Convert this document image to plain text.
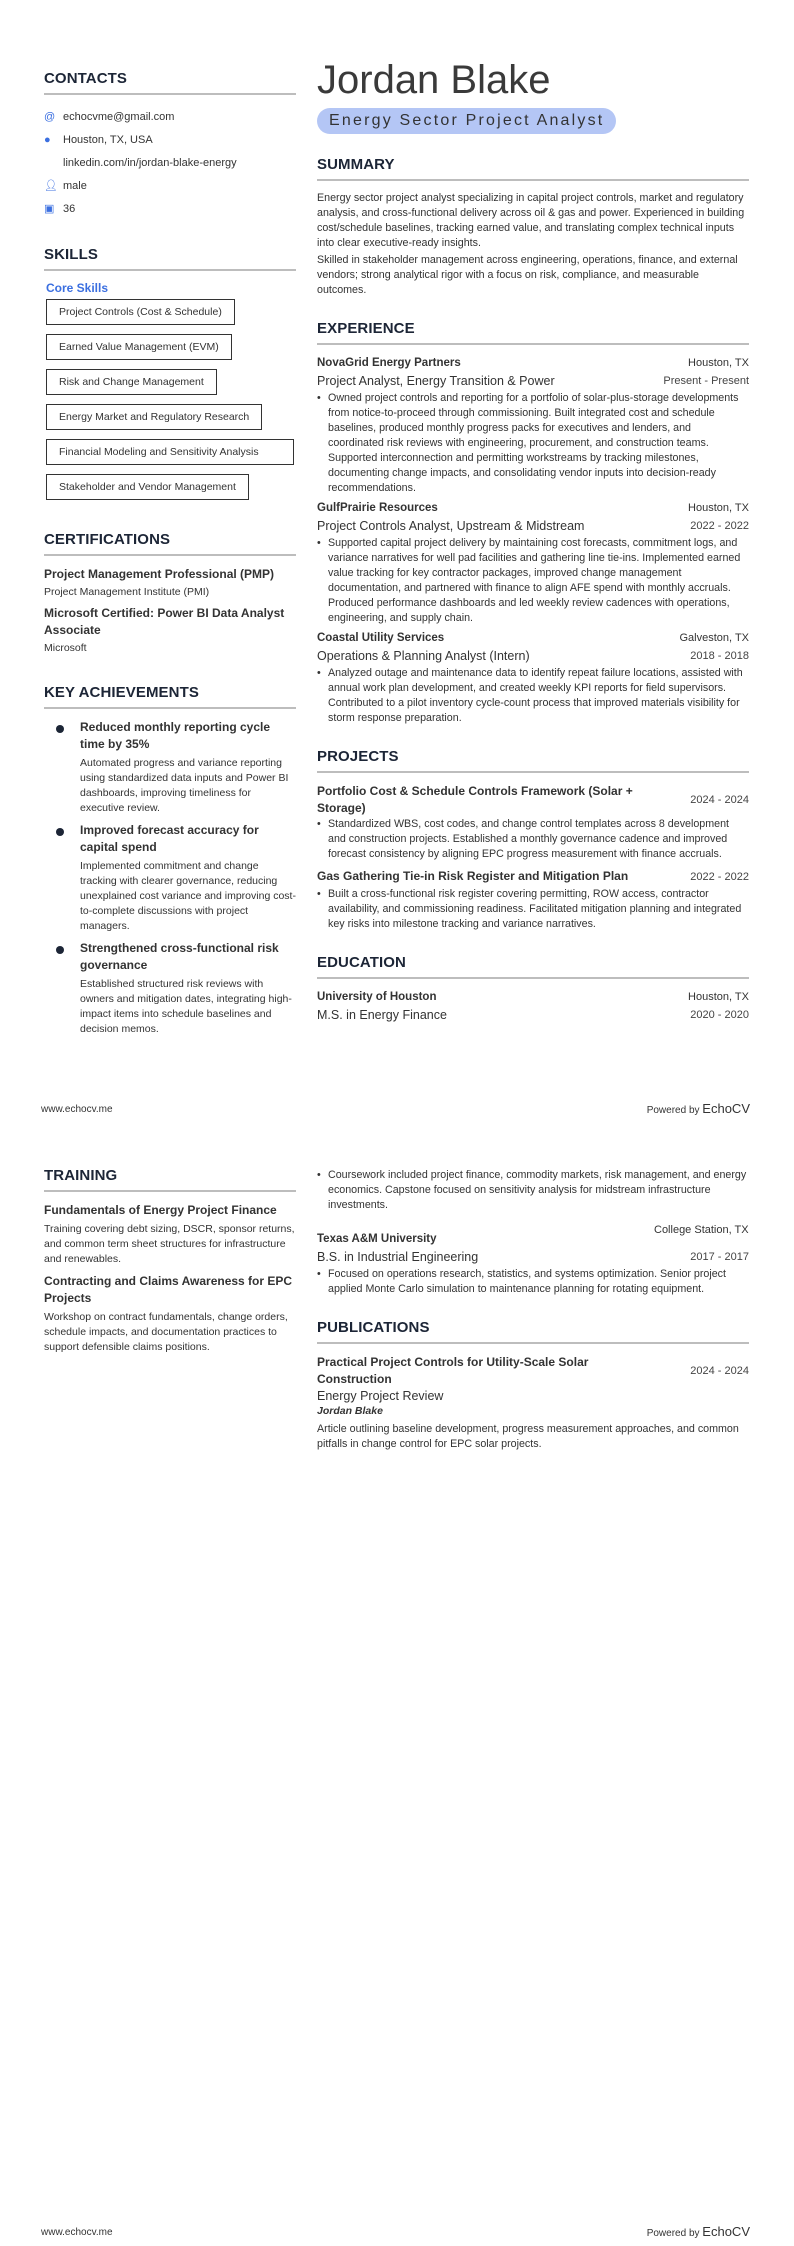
CONTACTS
@ echocvme@gmail.com
●	Houston, TX, USA
linkedin.com/in/jordan-blake-energy
👤︎ male
▣ 36
SKILLS
Core Skills
Project Controls (Cost & Schedule)
Earned Value Management (EVM)
Risk and Change Management
Energy Market and Regulatory Research
Financial Modeling and Sensitivity Analysis
Stakeholder and Vendor Management
CERTIFICATIONS
Project Management Professional (PMP)
Project Management Institute (PMI)
Microsoft Certified: Power BI Data Analyst Associate
Microsoft
KEY ACHIEVEMENTS
Reduced monthly reporting cycle time by 35%
Automated progress and variance reporting using standardized data inputs and Power BI dashboards, improving timeliness for executive review.
Improved forecast accuracy for capital spend
Implemented commitment and change tracking with clearer governance, reducing unexplained cost variance and improving cost-to-complete discussions with project managers.
Strengthened cross-functional risk governance
Established structured risk reviews with owners and mitigation dates, integrating high-impact items into schedule baselines and decision memos.
Jordan Blake
Energy Sector Project Analyst
SUMMARY

Energy sector project analyst specializing in capital project controls, market and regulatory analysis, and cross-functional delivery across oil & gas and power. Experienced in building cost/schedule baselines, tracking earned value, and translating complex technical inputs into clear executive-ready insights.

Skilled in stakeholder management across engineering, operations, finance, and external vendors; strong analytical rigor with a focus on risk, compliance, and measurable outcomes.

EXPERIENCE
NovaGrid Energy Partners	Houston, TX
Project Analyst, Energy Transition & Power	Present - Present
• Owned project controls and reporting for a portfolio of solar-plus-storage developments from notice-to-proceed through commissioning. Built integrated cost and schedule baselines, produced monthly progress packs for executives and lenders, and coordinated risk reviews with engineering, procurement, and construction teams. Supported interconnection and permitting workstreams by tracking milestones, documenting change impacts, and consolidating vendor inputs into decision-ready recommendations.
GulfPrairie Resources	Houston, TX
Project Controls Analyst, Upstream & Midstream	2022 - 2022
• Supported capital project delivery by maintaining cost forecasts, commitment logs, and variance narratives for well pad facilities and gathering line tie-ins. Implemented earned value tracking for key contractor packages, improved change management documentation, and partnered with finance to align AFE spend with monthly accruals. Produced performance dashboards and led weekly review cadences with operations, engineering, and supply chain.
Coastal Utility Services	Galveston, TX
Operations & Planning Analyst (Intern)	2018 - 2018
• Analyzed outage and maintenance data to identify repeat failure locations, assisted with annual work plan development, and created weekly KPI reports for field supervisors. Contributed to a pilot inventory cycle-count process that improved materials visibility for storm response preparation.
PROJECTS
Portfolio Cost & Schedule Controls Framework (Solar + Storage)
2024 - 2024
• Standardized WBS, cost codes, and change control templates across 8 development and construction projects. Established a monthly governance cadence and improved forecast consistency by aligning EPC progress measurement with finance accruals.
Gas Gathering Tie-in Risk Register and Mitigation Plan	2022 - 2022
• Built a cross-functional risk register covering permitting, ROW access, contractor availability, and commissioning readiness. Facilitated mitigation planning and integrated key risks into milestone tracking and variance narratives.
EDUCATION
University of Houston	Houston, TX
M.S. in Energy Finance	2020 - 2020
www.echocv.me	Powered by EchoCV
TRAINING
Fundamentals of Energy Project Finance
Training covering debt sizing, DSCR, sponsor returns, and common term sheet structures for infrastructure and renewables.
Contracting and Claims Awareness for EPC Projects
Workshop on contract fundamentals, change orders, schedule impacts, and documentation practices to support defensible claims positions.
• Coursework included project finance, commodity markets, risk management, and energy economics. Capstone focused on sensitivity analysis for midstream infrastructure investments.
Texas A&M University
College Station, TX
B.S. in Industrial Engineering	2017 - 2017
• Focused on operations research, statistics, and systems optimization. Senior project applied Monte Carlo simulation to maintenance planning for rotating equipment.
PUBLICATIONS
Practical Project Controls for Utility-Scale Solar Construction
2024 - 2024
Energy Project Review
Jordan Blake

Article outlining baseline development, progress measurement approaches, and common pitfalls in change control for EPC solar projects.

www.echocv.me	Powered by EchoCV
